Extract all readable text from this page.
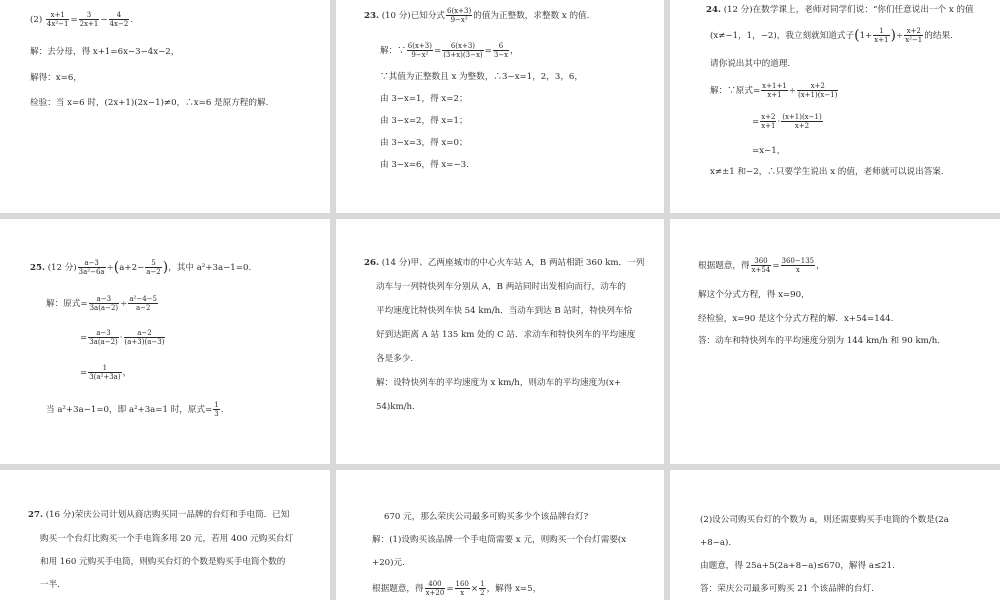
$(2) \frac{x+1}{\text{4x²−1}} = \frac{3}{2x+1} - \frac{4}{4x-2}$ .
解：去分母，得 x+1=6x−3−4x−2，
解得：x=6，
检验：当 x=6 时，(2x+1)(2x−1)≠0，∴x=6 是原方程的解.
23. (10 分)已知分式 $\frac{6(x+3)}{\text{9−x²}}$ 的值为正整数，求整数 x 的值.
解：∵ $\frac{6(x+3)}{\text{9−x²}} = \frac{6(x+3)}{(3+x)(3-x)} = \frac{6}{3-x}$ ，
∵其值为正整数且 x 为整数，∴3−x=1，2，3，6，
由 3−x=1，得 x=2；
由 3−x=2，得 x=1；
由 3−x=3，得 x=0；
由 3−x=6，得 x=−3.
24. (12 分)在数学课上，老师对同学们说：“你们任意说出一个 x 的值
(x≠−1，1，−2)，我立刻就知道式子($1+ \frac{1}{x+1}$ )÷ $\frac{x+2}{\text{x²−1}}$ 的结果.
请你说出其中的道理.
解：∵原式= $\frac{x+1+1}{x+1} \div \frac{x+2}{(x+1)(x-1)}$
= $\frac{x+2}{x+1} \cdot \frac{(x+1)(x-1)}{x+2}$
=x−1，
x≠±1 和−2，∴只要学生说出 x 的值，老师就可以说出答案.
25. (12 分) $\frac{a-3}{\text{3a²−6a}} \div(a+2- \frac{5}{a-2}$ )，其中 a²+3a−1=0.
解：原式= $\frac{a-3}{3a(a-2)} \div \frac{\text{a²−4−5}}{a-2}$
= $\frac{a-3}{3a(a-2)} \cdot \frac{a-2}{(a+3)(a-3)}$
= $\frac{1}{\text{3(a²+3a)}}$ ，
当 a²+3a−1=0，即 a²+3a=1 时，原式= $\frac{1}{3}$ .
26. (14 分)甲、乙两座城市的中心火车站 A，B 两站相距 360 km．一列
动车与一列特快列车分别从 A，B 两站同时出发相向而行，动车的
平均速度比特快列车快 54 km/h．当动车到达 B 站时，特快列车恰
好到达距离 A 站 135 km 处的 C 站．求动车和特快列车的平均速度
各是多少.
解：设特快列车的平均速度为 x km/h，则动车的平均速度为(x+
54)km/h.
根据题意，得 $\frac{360}{x+54} = \frac{360-135}{x}$ ，
解这个分式方程，得 x=90，
经检验，x=90 是这个分式方程的解．x+54=144.
答：动车和特快列车的平均速度分别为 144 km/h 和 90 km/h.
27. (16 分)荣庆公司计划从商店购买同一品牌的台灯和手电筒．已知
购买一个台灯比购买一个手电筒多用 20 元，若用 400 元购买台灯
和用 160 元购买手电筒，则购买台灯的个数是购买手电筒个数的
一半.
670 元，那么荣庆公司最多可购买多少个该品牌台灯?
解：(1)设购买该品牌一个手电筒需要 x 元，则购买一个台灯需要(x
+20)元.
根据题意，得 $\frac{400}{x+20} = \frac{160}{x} \times \frac{1}{2}$ ，解得 x=5，
(2)设公司购买台灯的个数为 a，则还需要购买手电筒的个数是(2a
+8−a).
由题意，得 25a+5(2a+8−a)≤670，解得 a≤21.
答：荣庆公司最多可购买 21 个该品牌的台灯.
